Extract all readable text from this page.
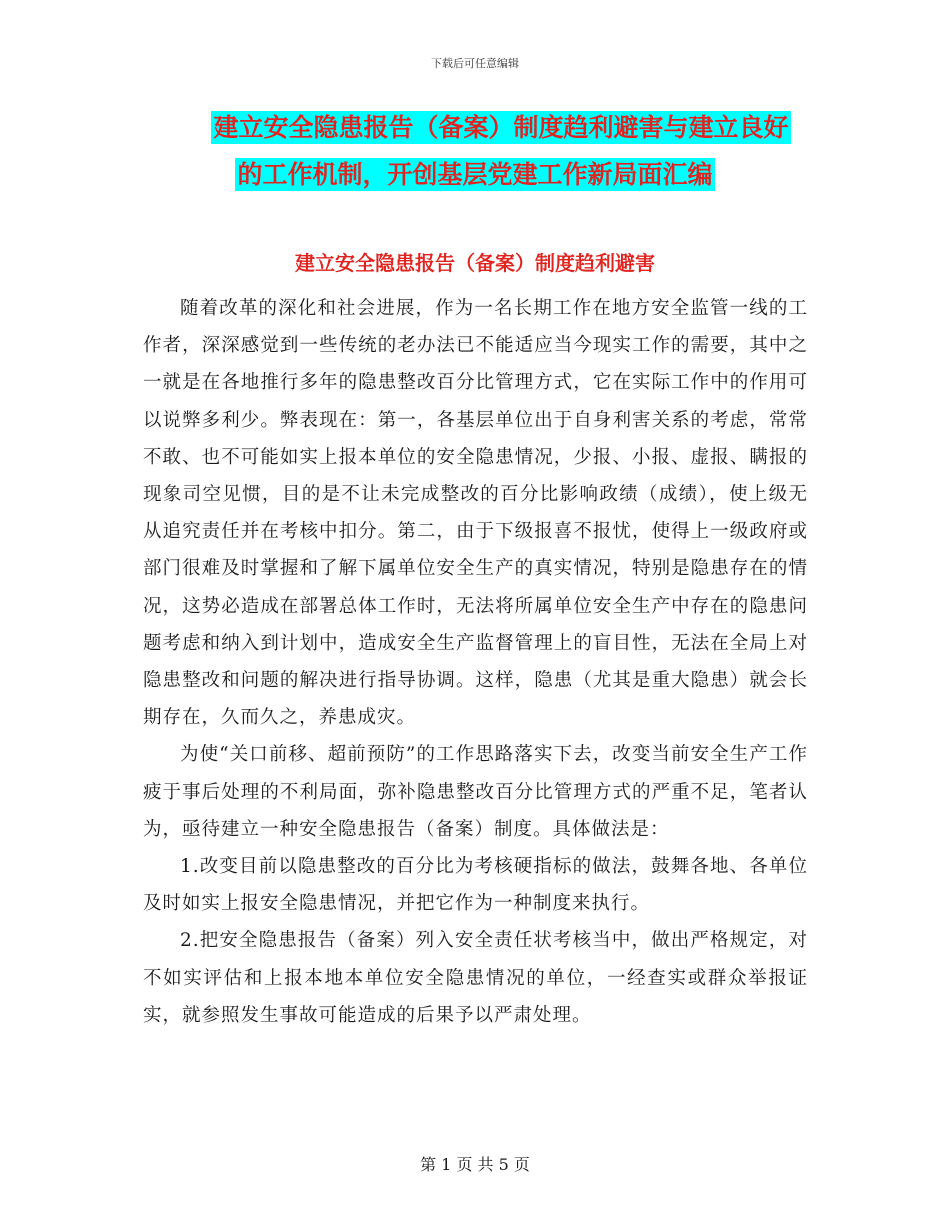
下载后可任意编辑
建立安全隐患报告（备案）制度趋利避害与建立良好
的工作机制，开创基层党建工作新局面汇编
建立安全隐患报告（备案）制度趋利避害

随着改革的深化和社会进展，作为一名长期工作在地方安全监管一线的工作者，深深感觉到一些传统的老办法已不能适应当今现实工作的需要，其中之一就是在各地推行多年的隐患整改百分比管理方式，它在实际工作中的作用可以说弊多利少。弊表现在：第一，各基层单位出于自身利害关系的考虑，常常不敢、也不可能如实上报本单位的安全隐患情况，少报、小报、虚报、瞒报的现象司空见惯，目的是不让未完成整改的百分比影响政绩（成绩），使上级无从追究责任并在考核中扣分。第二，由于下级报喜不报忧，使得上一级政府或部门很难及时掌握和了解下属单位安全生产的真实情况，特别是隐患存在的情况，这势必造成在部署总体工作时，无法将所属单位安全生产中存在的隐患问题考虑和纳入到计划中，造成安全生产监督管理上的盲目性，无法在全局上对隐患整改和问题的解决进行指导协调。这样，隐患（尤其是重大隐患）就会长期存在，久而久之，养患成灾。

为使“关口前移、超前预防”的工作思路落实下去，改变当前安全生产工作疲于事后处理的不利局面，弥补隐患整改百分比管理方式的严重不足，笔者认为，亟待建立一种安全隐患报告（备案）制度。具体做法是：

1.改变目前以隐患整改的百分比为考核硬指标的做法，鼓舞各地、各单位及时如实上报安全隐患情况，并把它作为一种制度来执行。

2.把安全隐患报告（备案）列入安全责任状考核当中，做出严格规定，对不如实评估和上报本地本单位安全隐患情况的单位，一经查实或群众举报证实，就参照发生事故可能造成的后果予以严肃处理。

第 1 页 共 5 页
